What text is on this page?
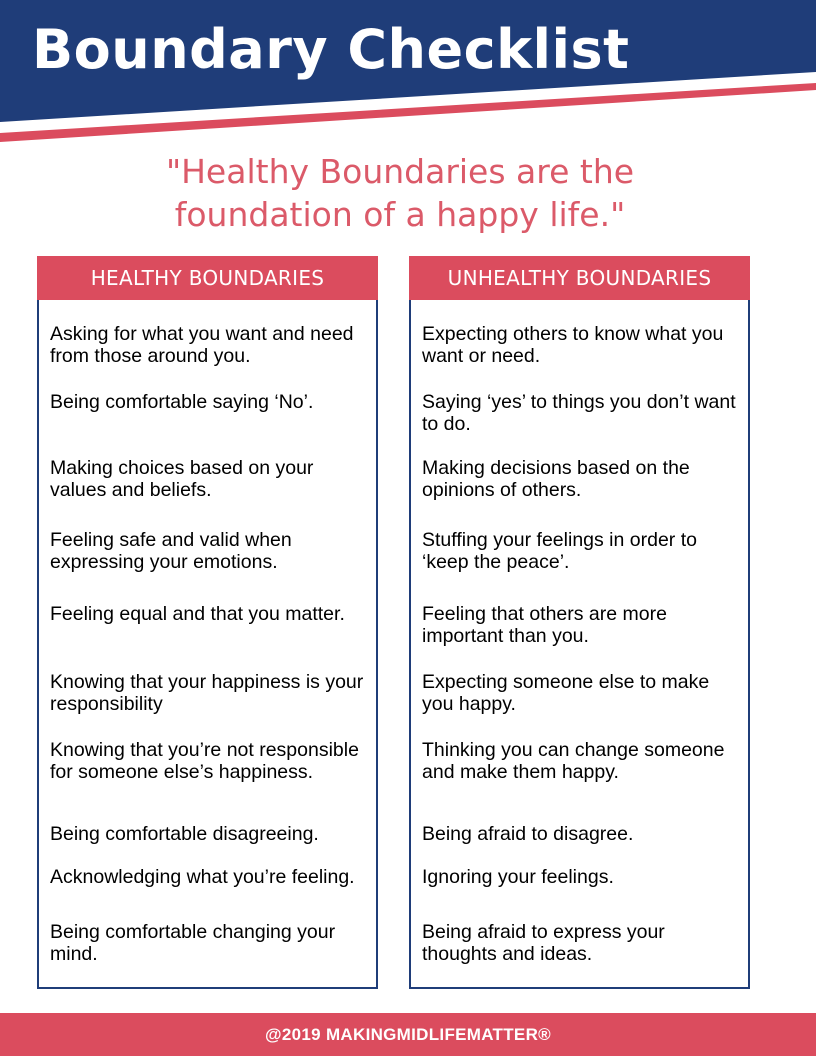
Boundary Checklist

"Healthy Boundaries are the foundation of a happy life."

HEALTHY BOUNDARIES

Asking for what you want and need from those around you.

Being comfortable saying ‘No’.

Making choices based on your values and beliefs.

Feeling safe and valid when expressing your emotions.

Feeling equal and that you matter.

Knowing that your happiness is your responsibility

Knowing that you’re not responsible for someone else’s happiness.

Being comfortable disagreeing.

Acknowledging what you’re feeling.

Being comfortable changing your mind.

UNHEALTHY BOUNDARIES

Expecting others to know what you want or need.

Saying ‘yes’ to things you don’t want to do.

Making decisions based on the opinions of others.

Stuffing your feelings in order to ‘keep the peace’.

Feeling that others are more important than you.

Expecting someone else to make you happy.

Thinking you can change someone and make them happy.

Being afraid to disagree.

Ignoring your feelings.

Being afraid to express your thoughts and ideas.

@2019 MAKINGMIDLIFEMATTER®
